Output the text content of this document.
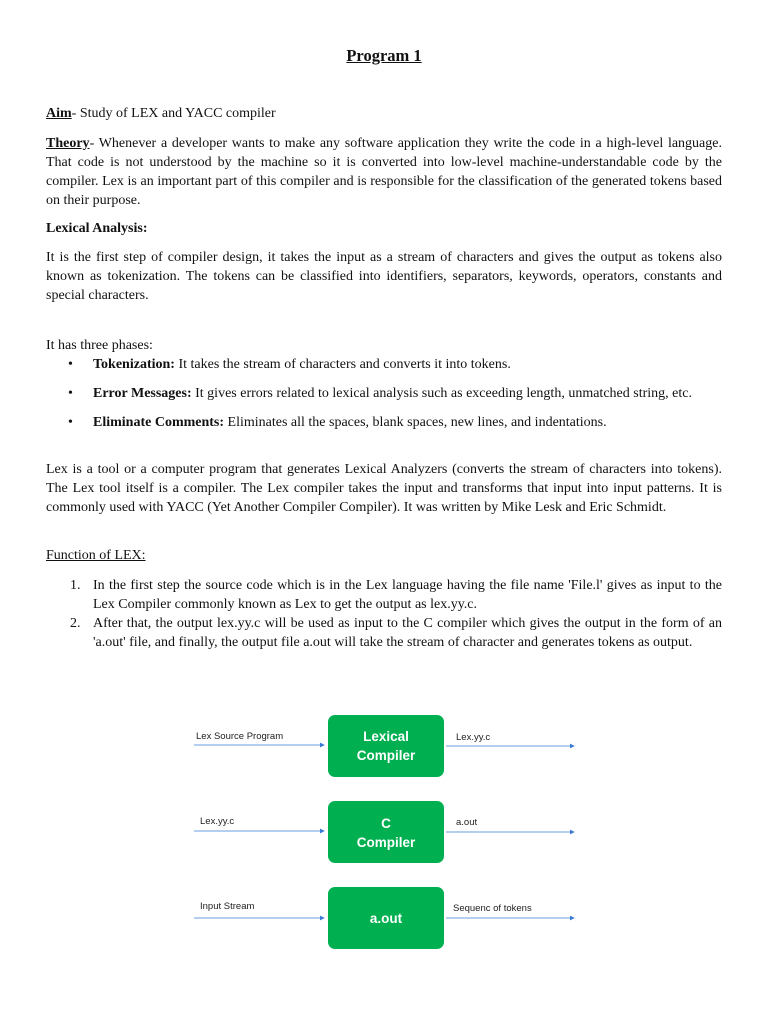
Program 1
Aim- Study of LEX and YACC compiler
Theory- Whenever a developer wants to make any software application they write the code in a high-level language. That code is not understood by the machine so it is converted into low-level machine-understandable code by the compiler. Lex is an important part of this compiler and is responsible for the classification of the generated tokens based on their purpose.
Lexical Analysis:
It is the first step of compiler design, it takes the input as a stream of characters and gives the output as tokens also known as tokenization. The tokens can be classified into identifiers, separators, keywords, operators, constants and special characters.
It has three phases:
• Tokenization: It takes the stream of characters and converts it into tokens.
• Error Messages: It gives errors related to lexical analysis such as exceeding length, unmatched string, etc.
• Eliminate Comments: Eliminates all the spaces, blank spaces, new lines, and indentations.
Lex is a tool or a computer program that generates Lexical Analyzers (converts the stream of characters into tokens). The Lex tool itself is a compiler. The Lex compiler takes the input and transforms that input into input patterns. It is commonly used with YACC (Yet Another Compiler Compiler). It was written by Mike Lesk and Eric Schmidt.
Function of LEX:
1. In the first step the source code which is in the Lex language having the file name 'File.l' gives as input to the Lex Compiler commonly known as Lex to get the output as lex.yy.c.
2. After that, the output lex.yy.c will be used as input to the C compiler which gives the output in the form of an 'a.out' file, and finally, the output file a.out will take the stream of character and generates tokens as output.
Lex Source Program	Lexical
Compiler
Lex.yy.c
Lex.yy.c	C
Compiler
a.out
Input Stream
a.out
Sequenc of tokens
